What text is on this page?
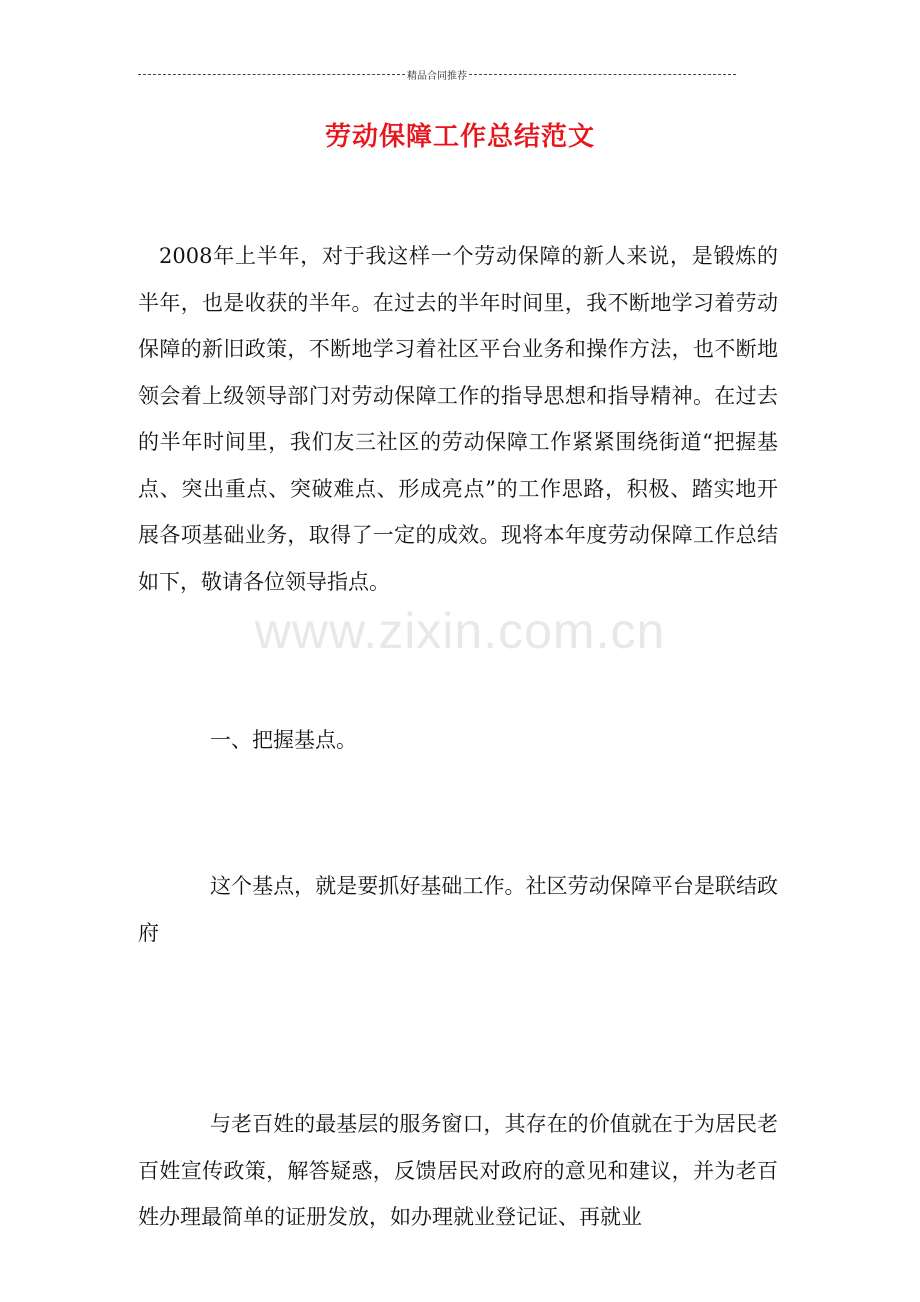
精品合同推荐
劳动保障工作总结范文

2008年上半年，对于我这样一个劳动保障的新人来说，是锻炼的半年，也是收获的半年。在过去的半年时间里，我不断地学习着劳动保障的新旧政策，不断地学习着社区平台业务和操作方法，也不断地领会着上级领导部门对劳动保障工作的指导思想和指导精神。在过去的半年时间里，我们友三社区的劳动保障工作紧紧围绕街道“把握基点、突出重点、突破难点、形成亮点”的工作思路，积极、踏实地开展各项基础业务，取得了一定的成效。现将本年度劳动保障工作总结如下，敬请各位领导指点。

www.zixin.com.cn

一、把握基点。

这个基点，就是要抓好基础工作。社区劳动保障平台是联结政府

与老百姓的最基层的服务窗口，其存在的价值就在于为居民老百姓宣传政策，解答疑惑，反馈居民对政府的意见和建议，并为老百姓办理最简单的证册发放，如办理就业登记证、再就业
